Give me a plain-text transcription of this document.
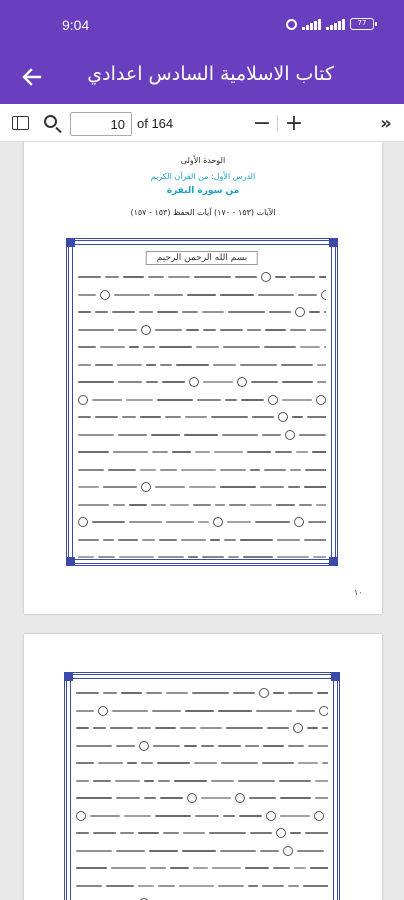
9:04	77
كتاب الاسلامية السادس اعدادي
10
of 164	− +	»
الوحدة الأولى
الدرس الأول: من القرآن الكريم
من سورة البقرة
الآيات (١٥٣ - ١٧٠) آيات الحفظ (١٥٣ - ١٥٧)
بسم الله الرحمن الرحيم
١٠
